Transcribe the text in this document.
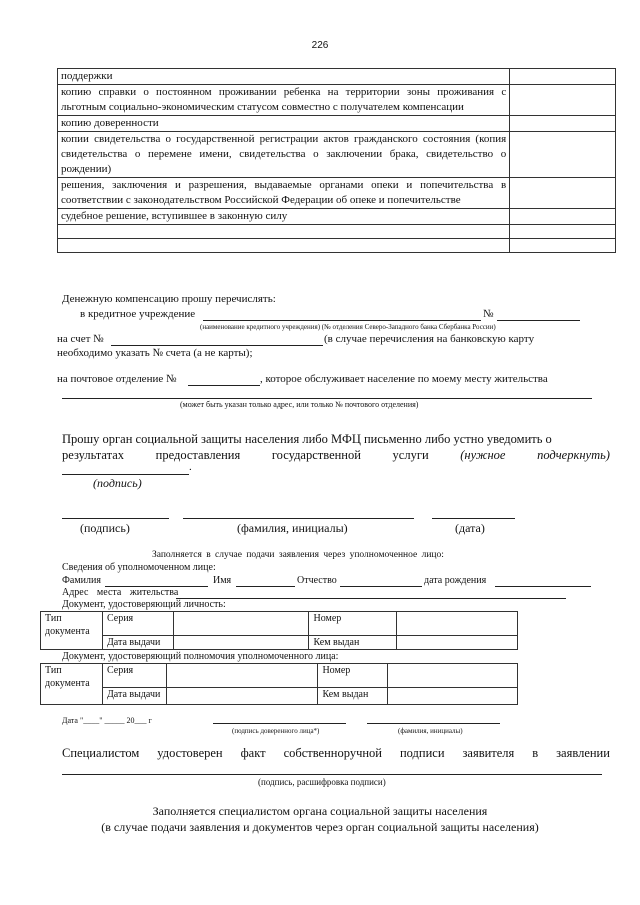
226
поддержки	
копию справки о постоянном проживании ребенка на территории зоны проживания с льготным социально-экономическим статусом совместно с получателем компенсации	
копию доверенности	
копии свидетельства о государственной регистрации актов гражданского состояния (копия свидетельства о перемене имени, свидетельства о заключении брака, свидетельство о рождении)	
решения, заключения и разрешения, выдаваемые органами опеки и попечительства в соответствии с законодательством Российской Федерации об опеке и попечительстве	
судебное решение, вступившее в законную силу	

Денежную компенсацию прошу перечислять:
в кредитное учреждение	№
(наименование кредитного учреждения) (№ отделения Северо-Западного банка Сбербанка России)
на счет №	(в случае перечисления на банковскую карту
необходимо указать № счета (а не карты);
на почтовое отделение №	, которое обслуживает население по моему месту жительства
(может быть указан только адрес, или только № почтового отделения)
Прошу орган социальной защиты населения либо МФЦ письменно либо устно уведомить о
результатах	предоставления	государственной	услуги	(нужное	подчеркнуть)
.
(подпись)
(подпись)	(фамилия, инициалы)	(дата)
Заполняется в случае подачи заявления через уполномоченное лицо:
Сведения об уполномоченном лице:
Фамилия	Имя	Отчество	дата рождения
Адрес места жительства
Документ, удостоверяющий личность:
Тип документа	Серия		Номер	
	Дата выдачи		Кем выдан	
Документ, удостоверяющий полномочия уполномоченного лица:
Тип документа	Серия		Номер	
	Дата выдачи		Кем выдан	
Дата "____" _____ 20___ г
(подпись доверенного лица*)	(фамилия, инициалы)
Специалистом удостоверен факт собственноручной подписи заявителя в заявлении
(подпись, расшифровка подписи)
Заполняется специалистом органа социальной защиты населения
(в случае подачи заявления и документов через орган социальной защиты населения)
